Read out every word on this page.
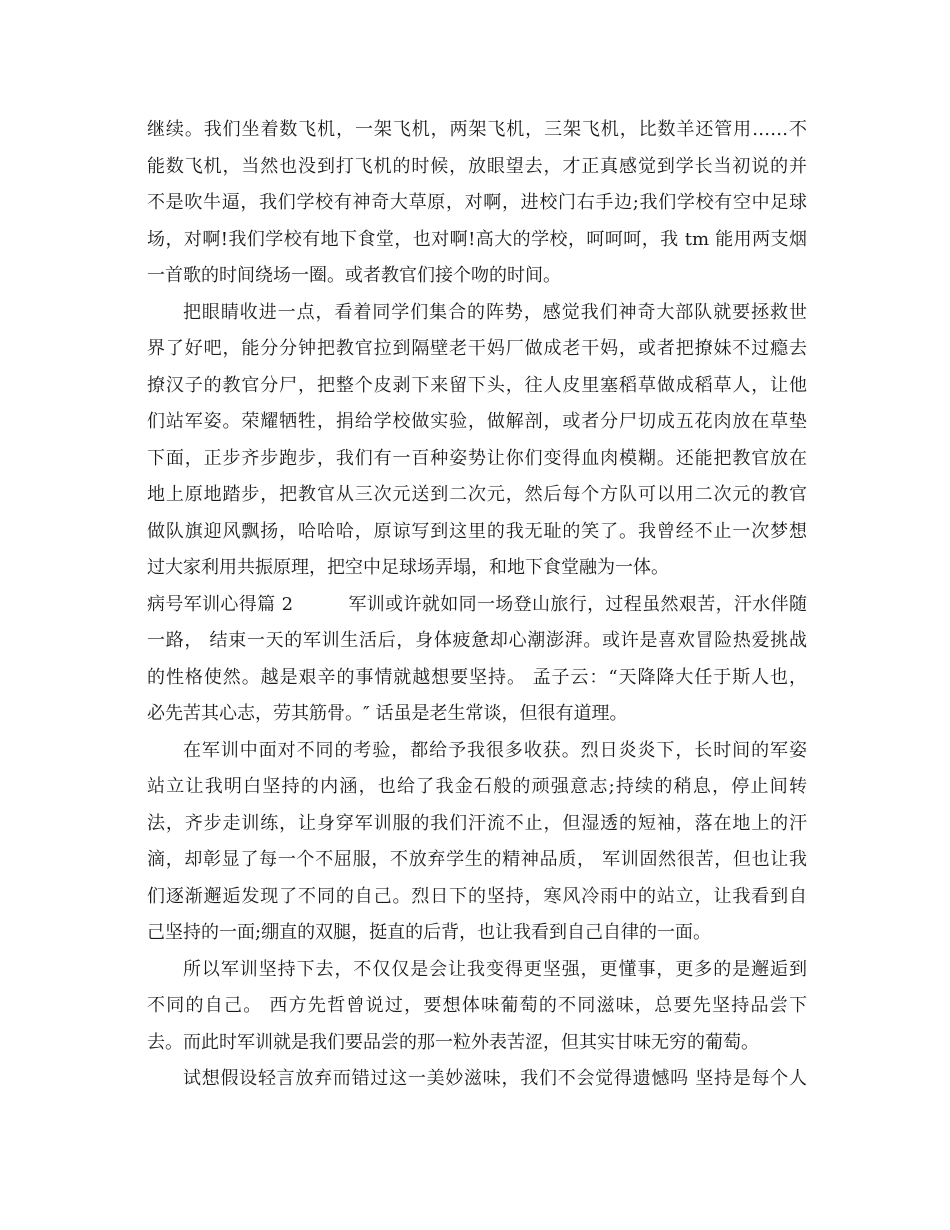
继续。我们坐着数飞机，一架飞机，两架飞机，三架飞机，比数羊还管用……不
能数飞机，当然也没到打飞机的时候，放眼望去，才正真感觉到学长当初说的并
不是吹牛逼，我们学校有神奇大草原，对啊，进校门右手边;我们学校有空中足球
场，对啊!我们学校有地下食堂，也对啊!高大的学校，呵呵呵，我 tm 能用两支烟
一首歌的时间绕场一圈。或者教官们接个吻的时间。
把眼睛收进一点，看着同学们集合的阵势，感觉我们神奇大部队就要拯救世
界了好吧，能分分钟把教官拉到隔壁老干妈厂做成老干妈，或者把撩妹不过瘾去
撩汉子的教官分尸，把整个皮剥下来留下头，往人皮里塞稻草做成稻草人，让他
们站军姿。荣耀牺牲，捐给学校做实验，做解剖，或者分尸切成五花肉放在草垫
下面，正步齐步跑步，我们有一百种姿势让你们变得血肉模糊。还能把教官放在
地上原地踏步，把教官从三次元送到二次元，然后每个方队可以用二次元的教官
做队旗迎风飘扬，哈哈哈，原谅写到这里的我无耻的笑了。我曾经不止一次梦想
过大家利用共振原理，把空中足球场弄塌，和地下食堂融为一体。
病号军训心得篇 2　　　军训或许就如同一场登山旅行，过程虽然艰苦，汗水伴随
一路， 结束一天的军训生活后，身体疲惫却心潮澎湃。或许是喜欢冒险热爱挑战
的性格使然。越是艰辛的事情就越想要坚持。 孟子云：“天降降大任于斯人也，
必先苦其心志，劳其筋骨。″ 话虽是老生常谈，但很有道理。
在军训中面对不同的考验，都给予我很多收获。烈日炎炎下，长时间的军姿
站立让我明白坚持的内涵，也给了我金石般的顽强意志;持续的稍息，停止间转
法，齐步走训练，让身穿军训服的我们汗流不止，但湿透的短袖，落在地上的汗
滴，却彰显了每一个不屈服，不放弃学生的精神品质， 军训固然很苦，但也让我
们逐渐邂逅发现了不同的自己。烈日下的坚持，寒风冷雨中的站立，让我看到自
己坚持的一面;绷直的双腿，挺直的后背，也让我看到自己自律的一面。
所以军训坚持下去，不仅仅是会让我变得更坚强，更懂事，更多的是邂逅到
不同的自己。 西方先哲曾说过，要想体味葡萄的不同滋味，总要先坚持品尝下
去。而此时军训就是我们要品尝的那一粒外表苦涩，但其实甘味无穷的葡萄。
试想假设轻言放弃而错过这一美妙滋味，我们不会觉得遗憾吗 坚持是每个人
